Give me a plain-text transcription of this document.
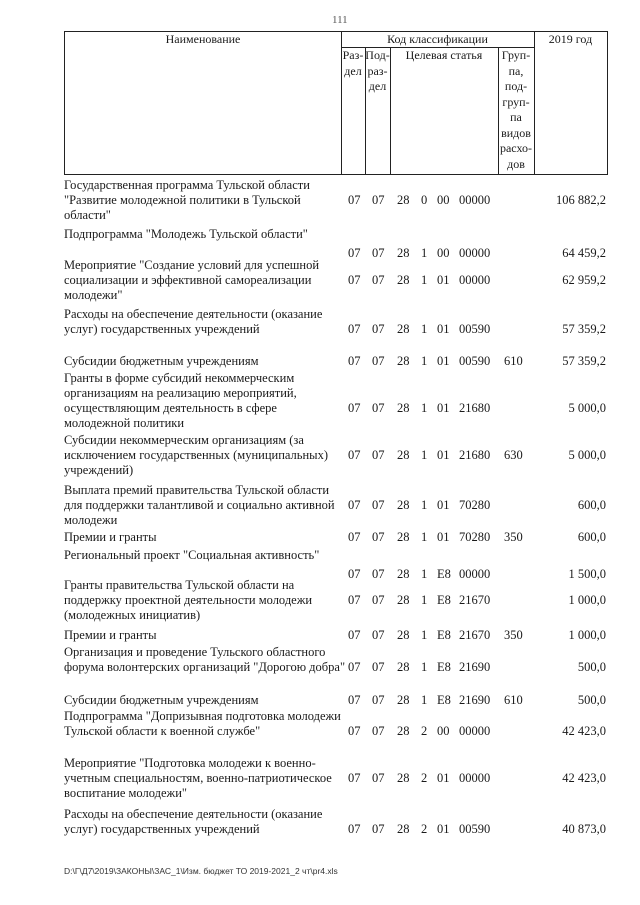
111
Наименование	Код классификации	2019 год
Раз-
дел
Под-
раз-
дел
Целевая статья	Груп-
па,
под-
груп-
па
видов
расхо-
дов
Государственная программа Тульской области "Развитие молодежной политики в Тульской области"
07 07 28 0 00 00000	106 882,2
Подпрограмма "Молодежь Тульской области"
07 07 28 1 00 00000	64 459,2
Мероприятие "Создание условий для успешной социализации и эффективной самореализации молодежи"
07 07 28 1 01 00000	62 959,2
Расходы на обеспечение деятельности (оказание услуг) государственных учреждений	07 07 28 1 01 00590	57 359,2
Субсидии бюджетным учреждениям	07 07 28 1 01 00590 610	57 359,2
Гранты в форме субсидий некоммерческим организациям на реализацию мероприятий, осуществляющим деятельность в сфере молодежной политики
07 07 28 1 01 21680	5 000,0
Субсидии некоммерческим организациям (за исключением государственных (муниципальных) учреждений)
07 07 28 1 01 21680 630	5 000,0
Выплата премий правительства Тульской области для поддержки талантливой и социально активной молодежи
07 07 28 1 01 70280	600,0
Премии и гранты	07 07 28 1 01 70280 350	600,0
Региональный проект "Социальная активность"
07 07 28 1 E8 00000	1 500,0
Гранты правительства Тульской области на поддержку проектной деятельности молодежи (молодежных инициатив)
07 07 28 1 E8 21670	1 000,0
Премии и гранты	07 07 28 1 E8 21670 350	1 000,0
Организация и проведение Тульского областного форума волонтерских организаций "Дорогою добра" 07 07 28 1 E8 21690	500,0
Субсидии бюджетным учреждениям	07 07 28 1 E8 21690 610	500,0
Подпрограмма "Допризывная подготовка молодежи Тульской области к военной службе"	07 07 28 2 00 00000	42 423,0
Мероприятие "Подготовка молодежи к военно-учетным специальностям, военно-патриотическое воспитание молодежи"
07 07 28 2 01 00000	42 423,0
Расходы на обеспечение деятельности (оказание услуг) государственных учреждений	07 07 28 2 01 00590	40 873,0
D:\Г\Д7\2019\ЗАКОНЫ\ЗАС_1\Изм. бюджет ТО 2019-2021_2 чт\pr4.xls
